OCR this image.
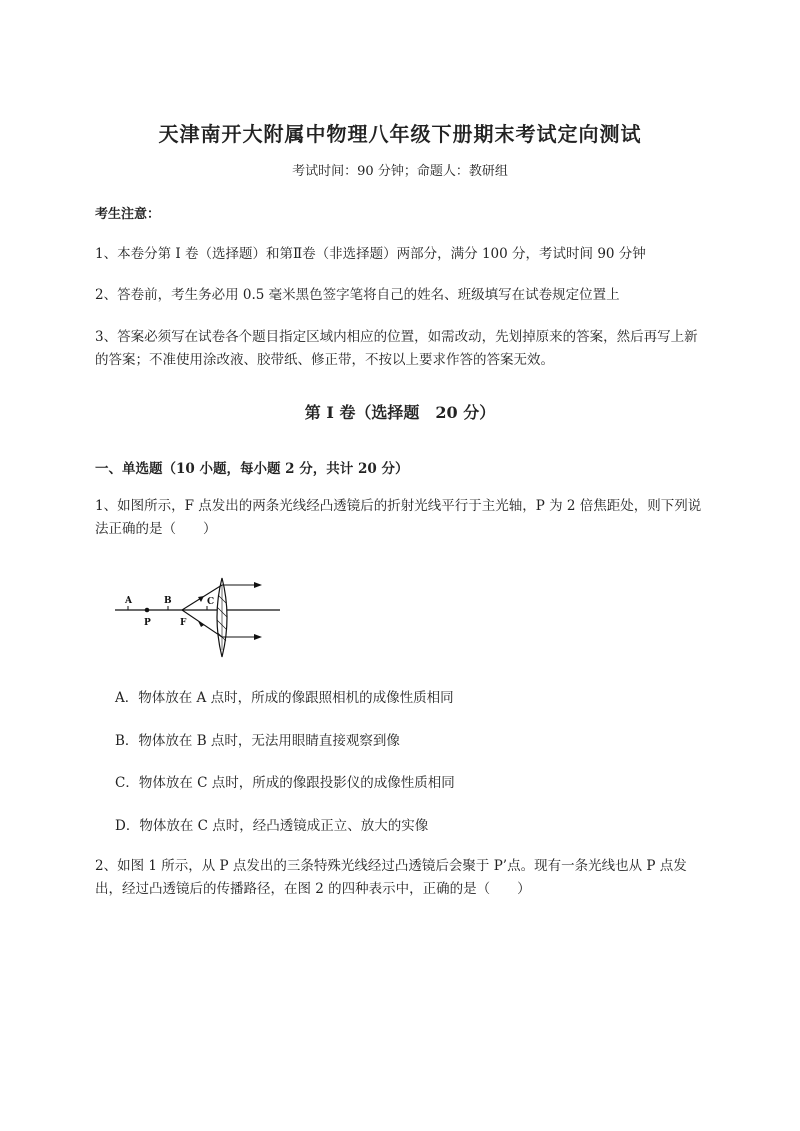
天津南开大附属中物理八年级下册期末考试定向测试
考试时间：90 分钟；命题人：教研组
考生注意：
1、本卷分第 I 卷（选择题）和第Ⅱ卷（非选择题）两部分，满分 100 分，考试时间 90 分钟
2、答卷前，考生务必用 0.5 毫米黑色签字笔将自己的姓名、班级填写在试卷规定位置上
3、答案必须写在试卷各个题目指定区域内相应的位置，如需改动，先划掉原来的答案，然后再写上新的答案；不准使用涂改液、胶带纸、修正带，不按以上要求作答的答案无效。
第 I 卷（选择题　20 分）
一、单选题（10 小题，每小题 2 分，共计 20 分）
1、如图所示，F 点发出的两条光线经凸透镜后的折射光线平行于主光轴，P 为 2 倍焦距处，则下列说法正确的是（　　）
A	B	C
P	F
A．物体放在 A 点时，所成的像跟照相机的成像性质相同
B．物体放在 B 点时，无法用眼睛直接观察到像
C．物体放在 C 点时，所成的像跟投影仪的成像性质相同
D．物体放在 C 点时，经凸透镜成正立、放大的实像
2、如图 1 所示，从 P 点发出的三条特殊光线经过凸透镜后会聚于 P’点。现有一条光线也从 P 点发出，经过凸透镜后的传播路径，在图 2 的四种表示中，正确的是（　　）
